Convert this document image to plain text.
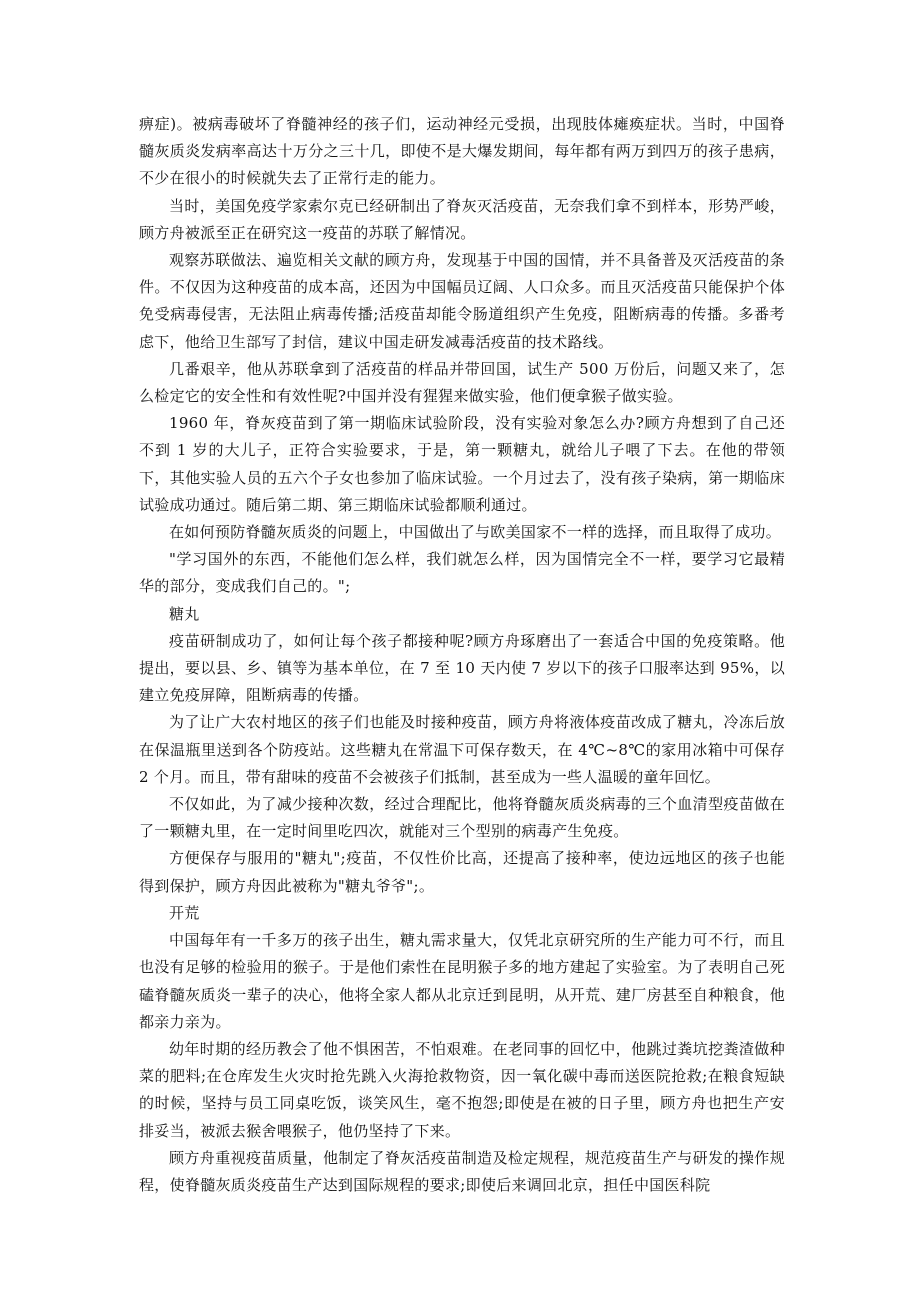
痹症)。被病毒破坏了脊髓神经的孩子们，运动神经元受损，出现肢体瘫痪症状。当时，中国脊髓灰质炎发病率高达十万分之三十几，即使不是大爆发期间，每年都有两万到四万的孩子患病，不少在很小的时候就失去了正常行走的能力。

当时，美国免疫学家索尔克已经研制出了脊灰灭活疫苗，无奈我们拿不到样本，形势严峻，顾方舟被派至正在研究这一疫苗的苏联了解情况。

观察苏联做法、遍览相关文献的顾方舟，发现基于中国的国情，并不具备普及灭活疫苗的条件。不仅因为这种疫苗的成本高，还因为中国幅员辽阔、人口众多。而且灭活疫苗只能保护个体免受病毒侵害，无法阻止病毒传播;活疫苗却能令肠道组织产生免疫，阻断病毒的传播。多番考虑下，他给卫生部写了封信，建议中国走研发减毒活疫苗的技术路线。

几番艰辛，他从苏联拿到了活疫苗的样品并带回国，试生产 500 万份后，问题又来了，怎么检定它的安全性和有效性呢?中国并没有猩猩来做实验，他们便拿猴子做实验。

1960 年，脊灰疫苗到了第一期临床试验阶段，没有实验对象怎么办?顾方舟想到了自己还不到 1 岁的大儿子，正符合实验要求，于是，第一颗糖丸，就给儿子喂了下去。在他的带领下，其他实验人员的五六个子女也参加了临床试验。一个月过去了，没有孩子染病，第一期临床试验成功通过。随后第二期、第三期临床试验都顺利通过。

在如何预防脊髓灰质炎的问题上，中国做出了与欧美国家不一样的选择，而且取得了成功。

"学习国外的东西，不能他们怎么样，我们就怎么样，因为国情完全不一样，要学习它最精华的部分，变成我们自己的。";

糖丸

疫苗研制成功了，如何让每个孩子都接种呢?顾方舟琢磨出了一套适合中国的免疫策略。他提出，要以县、乡、镇等为基本单位，在 7 至 10 天内使 7 岁以下的孩子口服率达到 95%，以建立免疫屏障，阻断病毒的传播。

为了让广大农村地区的孩子们也能及时接种疫苗，顾方舟将液体疫苗改成了糖丸，冷冻后放在保温瓶里送到各个防疫站。这些糖丸在常温下可保存数天，在 4℃~8℃的家用冰箱中可保存 2 个月。而且，带有甜味的疫苗不会被孩子们抵制，甚至成为一些人温暖的童年回忆。

不仅如此，为了减少接种次数，经过合理配比，他将脊髓灰质炎病毒的三个血清型疫苗做在了一颗糖丸里，在一定时间里吃四次，就能对三个型别的病毒产生免疫。

方便保存与服用的"糖丸";疫苗，不仅性价比高，还提高了接种率，使边远地区的孩子也能得到保护，顾方舟因此被称为"糖丸爷爷";。

开荒

中国每年有一千多万的孩子出生，糖丸需求量大，仅凭北京研究所的生产能力可不行，而且也没有足够的检验用的猴子。于是他们索性在昆明猴子多的地方建起了实验室。为了表明自己死磕脊髓灰质炎一辈子的决心，他将全家人都从北京迁到昆明，从开荒、建厂房甚至自种粮食，他都亲力亲为。

幼年时期的经历教会了他不惧困苦，不怕艰难。在老同事的回忆中，他跳过粪坑挖粪渣做种菜的肥料;在仓库发生火灾时抢先跳入火海抢救物资，因一氧化碳中毒而送医院抢救;在粮食短缺的时候，坚持与员工同桌吃饭，谈笑风生，毫不抱怨;即使是在被的日子里，顾方舟也把生产安排妥当，被派去猴舍喂猴子，他仍坚持了下来。

顾方舟重视疫苗质量，他制定了脊灰活疫苗制造及检定规程，规范疫苗生产与研发的操作规程，使脊髓灰质炎疫苗生产达到国际规程的要求;即使后来调回北京，担任中国医科院
